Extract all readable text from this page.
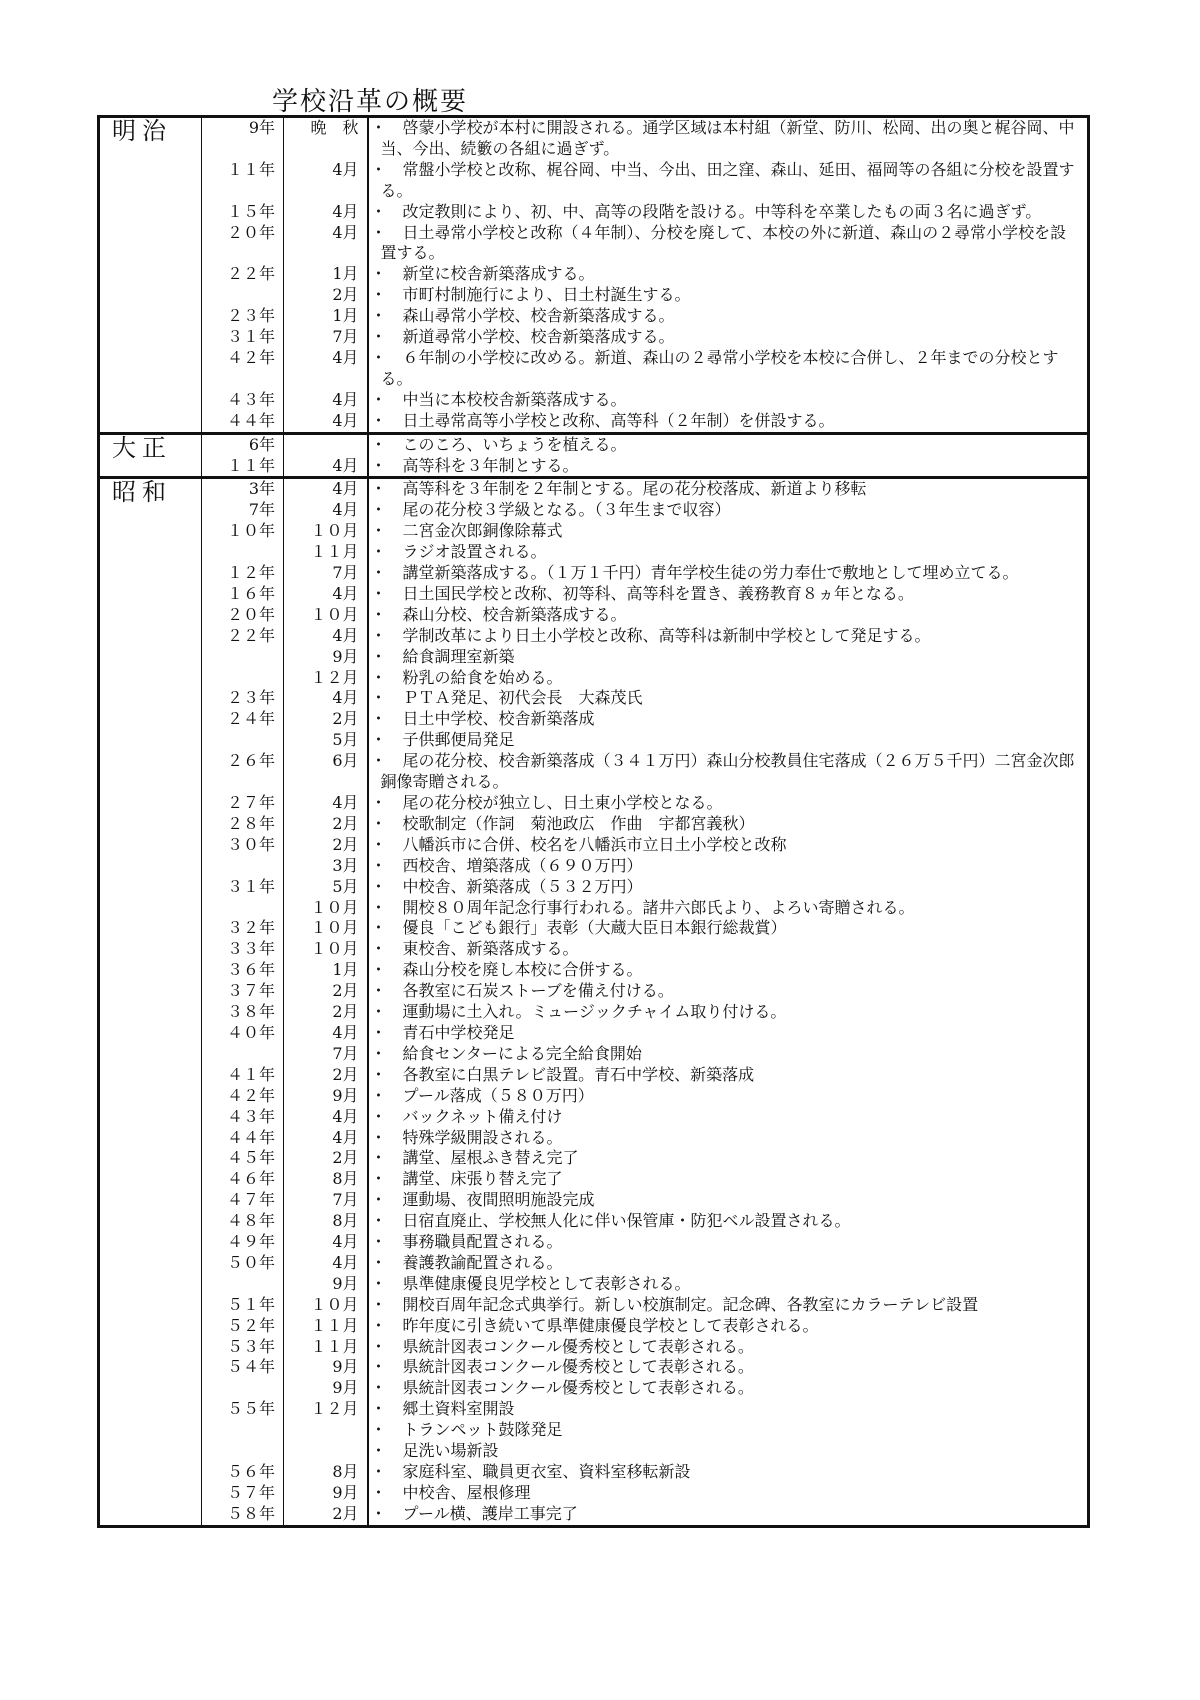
学校沿革の概要
明治	9年	晩　秋	・　啓蒙小学校が本村に開設される。通学区域は本村組（新堂、防川、松岡、出の奥と梶谷岡、中当、今出、続籔の各組に過ぎず。
	１１年	4月	・　常盤小学校と改称、梶谷岡、中当、今出、田之窪、森山、延田、福岡等の各組に分校を設置する。
	１５年	4月	・　改定教則により、初、中、高等の段階を設ける。中等科を卒業したもの両３名に過ぎず。
	２０年	4月	・　日土尋常小学校と改称（４年制）、分校を廃して、本校の外に新道、森山の２尋常小学校を設置する。
	２２年	1月	・　新堂に校舎新築落成する。
		2月	・　市町村制施行により、日土村誕生する。
	２３年	1月	・　森山尋常小学校、校舎新築落成する。
	３１年	7月	・　新道尋常小学校、校舎新築落成する。
	４２年	4月	・　６年制の小学校に改める。新道、森山の２尋常小学校を本校に合併し、２年までの分校とする。
	４３年	4月	・　中当に本校校舎新築落成する。
	４４年	4月	・　日土尋常高等小学校と改称、高等科（２年制）を併設する。
大正	6年		・　このころ、いちょうを植える。
	１１年	4月	・　高等科を３年制とする。
昭和	3年	4月	・　高等科を３年制を２年制とする。尾の花分校落成、新道より移転
	7年	4月	・　尾の花分校３学級となる。（３年生まで収容）
	１０年	１０月	・　二宮金次郎銅像除幕式
		１１月	・　ラジオ設置される。
	１２年	7月	・　講堂新築落成する。（１万１千円）青年学校生徒の労力奉仕で敷地として埋め立てる。
	１６年	4月	・　日土国民学校と改称、初等科、高等科を置き、義務教育８ヵ年となる。
	２０年	１０月	・　森山分校、校舎新築落成する。
	２２年	4月	・　学制改革により日土小学校と改称、高等科は新制中学校として発足する。
		9月	・　給食調理室新築
		１２月	・　粉乳の給食を始める。
	２３年	4月	・　ＰＴＡ発足、初代会長　大森茂氏
	２４年	2月	・　日土中学校、校舎新築落成
		5月	・　子供郵便局発足
	２６年	6月	・　尾の花分校、校舎新築落成（３４１万円）森山分校教員住宅落成（２６万５千円）二宮金次郎銅像寄贈される。
	２７年	4月	・　尾の花分校が独立し、日土東小学校となる。
	２８年	2月	・　校歌制定（作詞　菊池政広　作曲　宇都宮義秋）
	３０年	2月	・　八幡浜市に合併、校名を八幡浜市立日土小学校と改称
		3月	・　西校舎、増築落成（６９０万円）
	３１年	5月	・　中校舎、新築落成（５３２万円）
		１０月	・　開校８０周年記念行事行われる。諸井六郎氏より、よろい寄贈される。
	３２年	１０月	・　優良「こども銀行」表彰（大蔵大臣日本銀行総裁賞）
	３３年	１０月	・　東校舎、新築落成する。
	３６年	1月	・　森山分校を廃し本校に合併する。
	３７年	2月	・　各教室に石炭ストーブを備え付ける。
	３８年	2月	・　運動場に土入れ。ミュージックチャイム取り付ける。
	４０年	4月	・　青石中学校発足
		7月	・　給食センターによる完全給食開始
	４１年	2月	・　各教室に白黒テレビ設置。青石中学校、新築落成
	４２年	9月	・　プール落成（５８０万円）
	４３年	4月	・　バックネット備え付け
	４４年	4月	・　特殊学級開設される。
	４５年	2月	・　講堂、屋根ふき替え完了
	４６年	8月	・　講堂、床張り替え完了
	４７年	7月	・　運動場、夜間照明施設完成
	４８年	8月	・　日宿直廃止、学校無人化に伴い保管庫・防犯ベル設置される。
	４９年	4月	・　事務職員配置される。
	５０年	4月	・　養護教諭配置される。
		9月	・　県準健康優良児学校として表彰される。
	５１年	１０月	・　開校百周年記念式典挙行。新しい校旗制定。記念碑、各教室にカラーテレビ設置
	５２年	１１月	・　昨年度に引き続いて県準健康優良学校として表彰される。
	５３年	１１月	・　県統計図表コンクール優秀校として表彰される。
	５４年	9月	・　県統計図表コンクール優秀校として表彰される。
		9月	・　県統計図表コンクール優秀校として表彰される。
	５５年	１２月	・　郷土資料室開設
			・　トランペット鼓隊発足
			・　足洗い場新設
	５６年	8月	・　家庭科室、職員更衣室、資料室移転新設
	５７年	9月	・　中校舎、屋根修理
	５８年	2月	・　プール横、護岸工事完了
